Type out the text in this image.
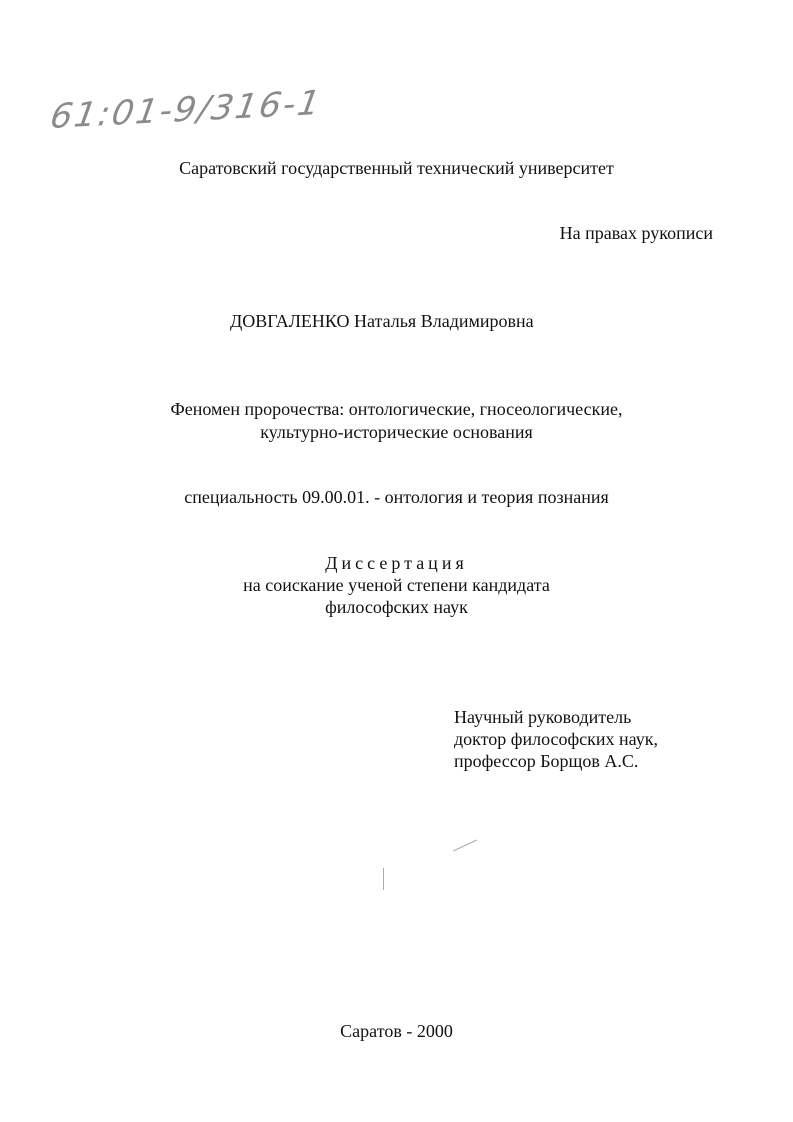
61:01-9/316-1
Саратовский государственный технический университет
На правах рукописи
ДОВГАЛЕНКО Наталья Владимировна
Феномен пророчества: онтологические, гносеологические,
культурно-исторические основания
специальность 09.00.01. - онтология и теория познания
Диссертация
на соискание ученой степени кандидата
философских наук
Научный руководитель
доктор философских наук,
профессор Борщов А.С.
Саратов - 2000
